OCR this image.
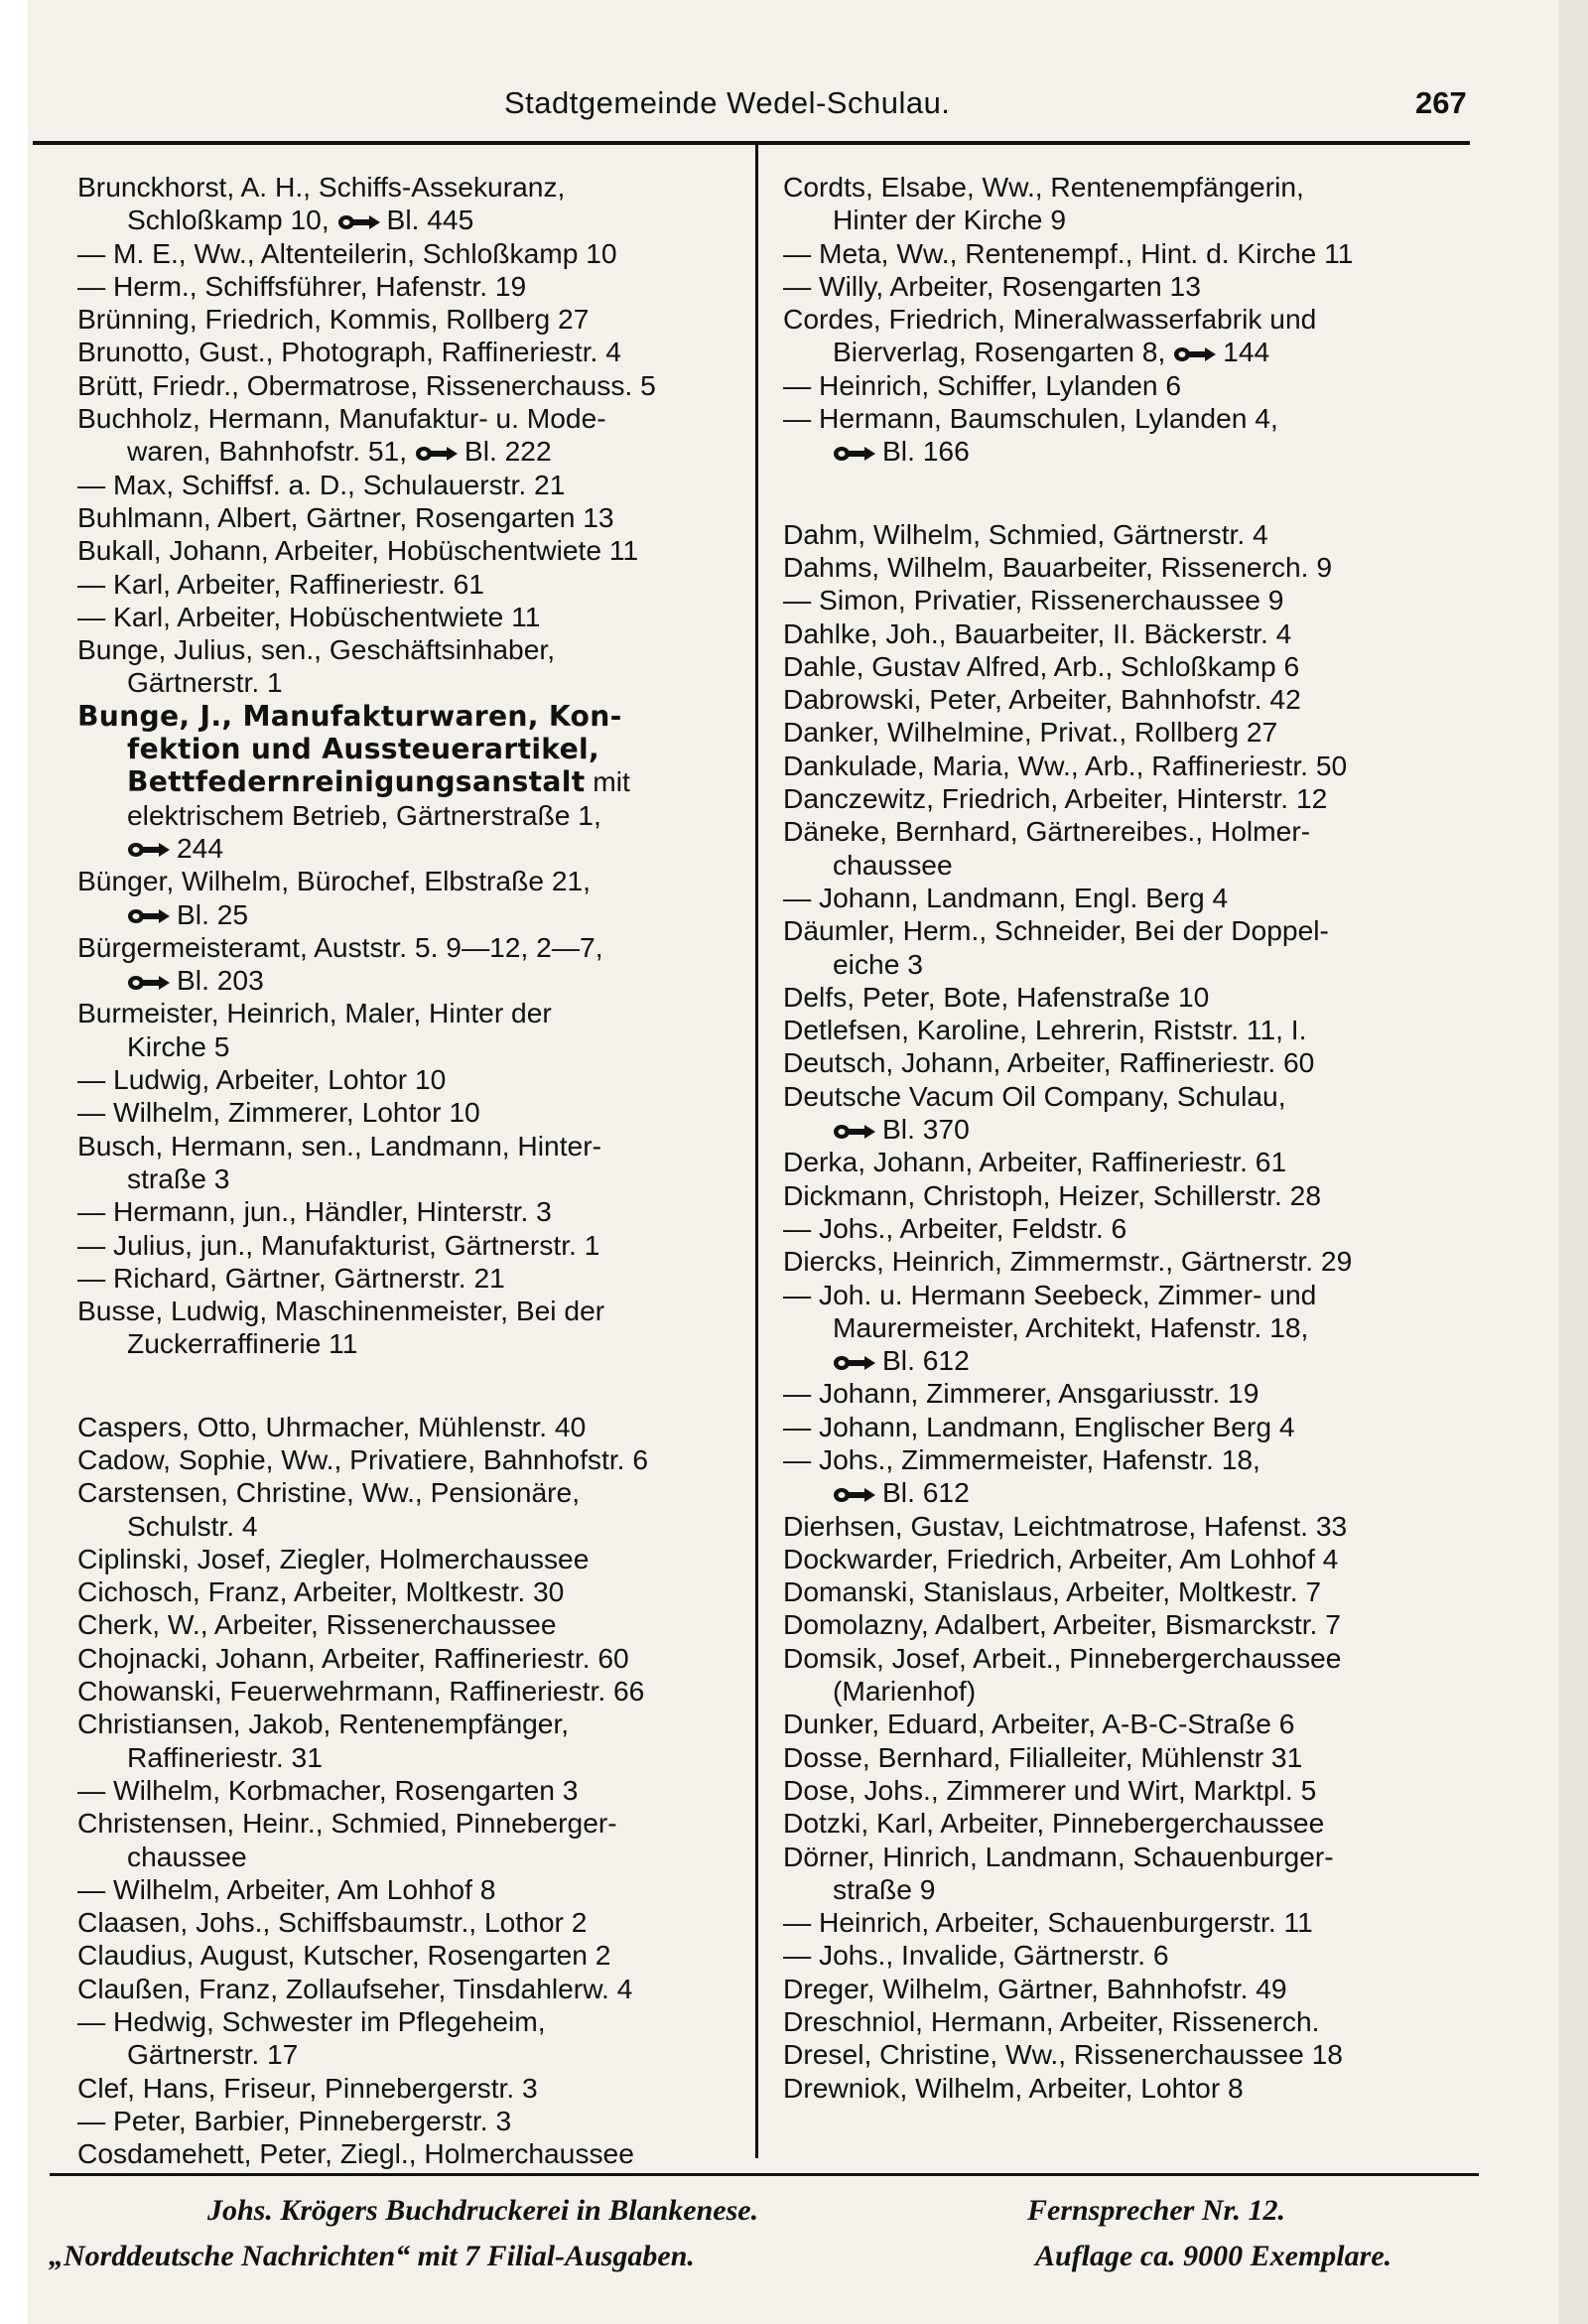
Stadtgemeinde Wedel-Schulau.	267
Brunckhorst, A. H., Schiffs-Assekuranz,
Schloßkamp 10, Bl. 445
— M. E., Ww., Altenteilerin, Schloßkamp 10
— Herm., Schiffsführer, Hafenstr. 19
Brünning, Friedrich, Kommis, Rollberg 27
Brunotto, Gust., Photograph, Raffineriestr. 4
Brütt, Friedr., Obermatrose, Rissenerchauss. 5
Buchholz, Hermann, Manufaktur- u. Mode-
waren, Bahnhofstr. 51, Bl. 222
— Max, Schiffsf. a. D., Schulauerstr. 21
Buhlmann, Albert, Gärtner, Rosengarten 13
Bukall, Johann, Arbeiter, Hobüschentwiete 11
— Karl, Arbeiter, Raffineriestr. 61
— Karl, Arbeiter, Hobüschentwiete 11
Bunge, Julius, sen., Geschäftsinhaber,
Gärtnerstr. 1
Bunge, J., Manufakturwaren, Kon-
fektion und Aussteuerartikel,
Bettfedernreinigungsanstalt mit
elektrischem Betrieb, Gärtnerstraße 1,
244
Bünger, Wilhelm, Bürochef, Elbstraße 21,
Bl. 25
Bürgermeisteramt, Auststr. 5. 9—12, 2—7,
Bl. 203
Burmeister, Heinrich, Maler, Hinter der
Kirche 5
— Ludwig, Arbeiter, Lohtor 10
— Wilhelm, Zimmerer, Lohtor 10
Busch, Hermann, sen., Landmann, Hinter-
straße 3
— Hermann, jun., Händler, Hinterstr. 3
— Julius, jun., Manufakturist, Gärtnerstr. 1
— Richard, Gärtner, Gärtnerstr. 21
Busse, Ludwig, Maschinenmeister, Bei der
Zuckerraffinerie 11
Caspers, Otto, Uhrmacher, Mühlenstr. 40
Cadow, Sophie, Ww., Privatiere, Bahnhofstr. 6
Carstensen, Christine, Ww., Pensionäre,
Schulstr. 4
Ciplinski, Josef, Ziegler, Holmerchaussee
Cichosch, Franz, Arbeiter, Moltkestr. 30
Cherk, W., Arbeiter, Rissenerchaussee
Chojnacki, Johann, Arbeiter, Raffineriestr. 60
Chowanski, Feuerwehrmann, Raffineriestr. 66
Christiansen, Jakob, Rentenempfänger,
Raffineriestr. 31
— Wilhelm, Korbmacher, Rosengarten 3
Christensen, Heinr., Schmied, Pinneberger-
chaussee
— Wilhelm, Arbeiter, Am Lohhof 8
Claasen, Johs., Schiffsbaumstr., Lothor 2
Claudius, August, Kutscher, Rosengarten 2
Claußen, Franz, Zollaufseher, Tinsdahlerw. 4
— Hedwig, Schwester im Pflegeheim,
Gärtnerstr. 17
Clef, Hans, Friseur, Pinnebergerstr. 3
— Peter, Barbier, Pinnebergerstr. 3
Cosdamehett, Peter, Ziegl., Holmerchaussee
Cordts, Elsabe, Ww., Rentenempfängerin,
Hinter der Kirche 9
— Meta, Ww., Rentenempf., Hint. d. Kirche 11
— Willy, Arbeiter, Rosengarten 13
Cordes, Friedrich, Mineralwasserfabrik und
Bierverlag, Rosengarten 8, 144
— Heinrich, Schiffer, Lylanden 6
— Hermann, Baumschulen, Lylanden 4,
Bl. 166
Dahm, Wilhelm, Schmied, Gärtnerstr. 4
Dahms, Wilhelm, Bauarbeiter, Rissenerch. 9
— Simon, Privatier, Rissenerchaussee 9
Dahlke, Joh., Bauarbeiter, II. Bäckerstr. 4
Dahle, Gustav Alfred, Arb., Schloßkamp 6
Dabrowski, Peter, Arbeiter, Bahnhofstr. 42
Danker, Wilhelmine, Privat., Rollberg 27
Dankulade, Maria, Ww., Arb., Raffineriestr. 50
Danczewitz, Friedrich, Arbeiter, Hinterstr. 12
Däneke, Bernhard, Gärtnereibes., Holmer-
chaussee
— Johann, Landmann, Engl. Berg 4
Däumler, Herm., Schneider, Bei der Doppel-
eiche 3
Delfs, Peter, Bote, Hafenstraße 10
Detlefsen, Karoline, Lehrerin, Riststr. 11, I.
Deutsch, Johann, Arbeiter, Raffineriestr. 60
Deutsche Vacum Oil Company, Schulau,
Bl. 370
Derka, Johann, Arbeiter, Raffineriestr. 61
Dickmann, Christoph, Heizer, Schillerstr. 28
— Johs., Arbeiter, Feldstr. 6
Diercks, Heinrich, Zimmermstr., Gärtnerstr. 29
— Joh. u. Hermann Seebeck, Zimmer- und
Maurermeister, Architekt, Hafenstr. 18,
Bl. 612
— Johann, Zimmerer, Ansgariusstr. 19
— Johann, Landmann, Englischer Berg 4
— Johs., Zimmermeister, Hafenstr. 18,
Bl. 612
Dierhsen, Gustav, Leichtmatrose, Hafenst. 33
Dockwarder, Friedrich, Arbeiter, Am Lohhof 4
Domanski, Stanislaus, Arbeiter, Moltkestr. 7
Domolazny, Adalbert, Arbeiter, Bismarckstr. 7
Domsik, Josef, Arbeit., Pinnebergerchaussee
(Marienhof)
Dunker, Eduard, Arbeiter, A-B-C-Straße 6
Dosse, Bernhard, Filialleiter, Mühlenstr 31
Dose, Johs., Zimmerer und Wirt, Marktpl. 5
Dotzki, Karl, Arbeiter, Pinnebergerchaussee
Dörner, Hinrich, Landmann, Schauenburger-
straße 9
— Heinrich, Arbeiter, Schauenburgerstr. 11
— Johs., Invalide, Gärtnerstr. 6
Dreger, Wilhelm, Gärtner, Bahnhofstr. 49
Dreschniol, Hermann, Arbeiter, Rissenerch.
Dresel, Christine, Ww., Rissenerchaussee 18
Drewniok, Wilhelm, Arbeiter, Lohtor 8
Johs. Krögers Buchdruckerei in Blankenese.	Fernsprecher Nr. 12.
„Norddeutsche Nachrichten“ mit 7 Filial-Ausgaben.	Auflage ca. 9000 Exemplare.
